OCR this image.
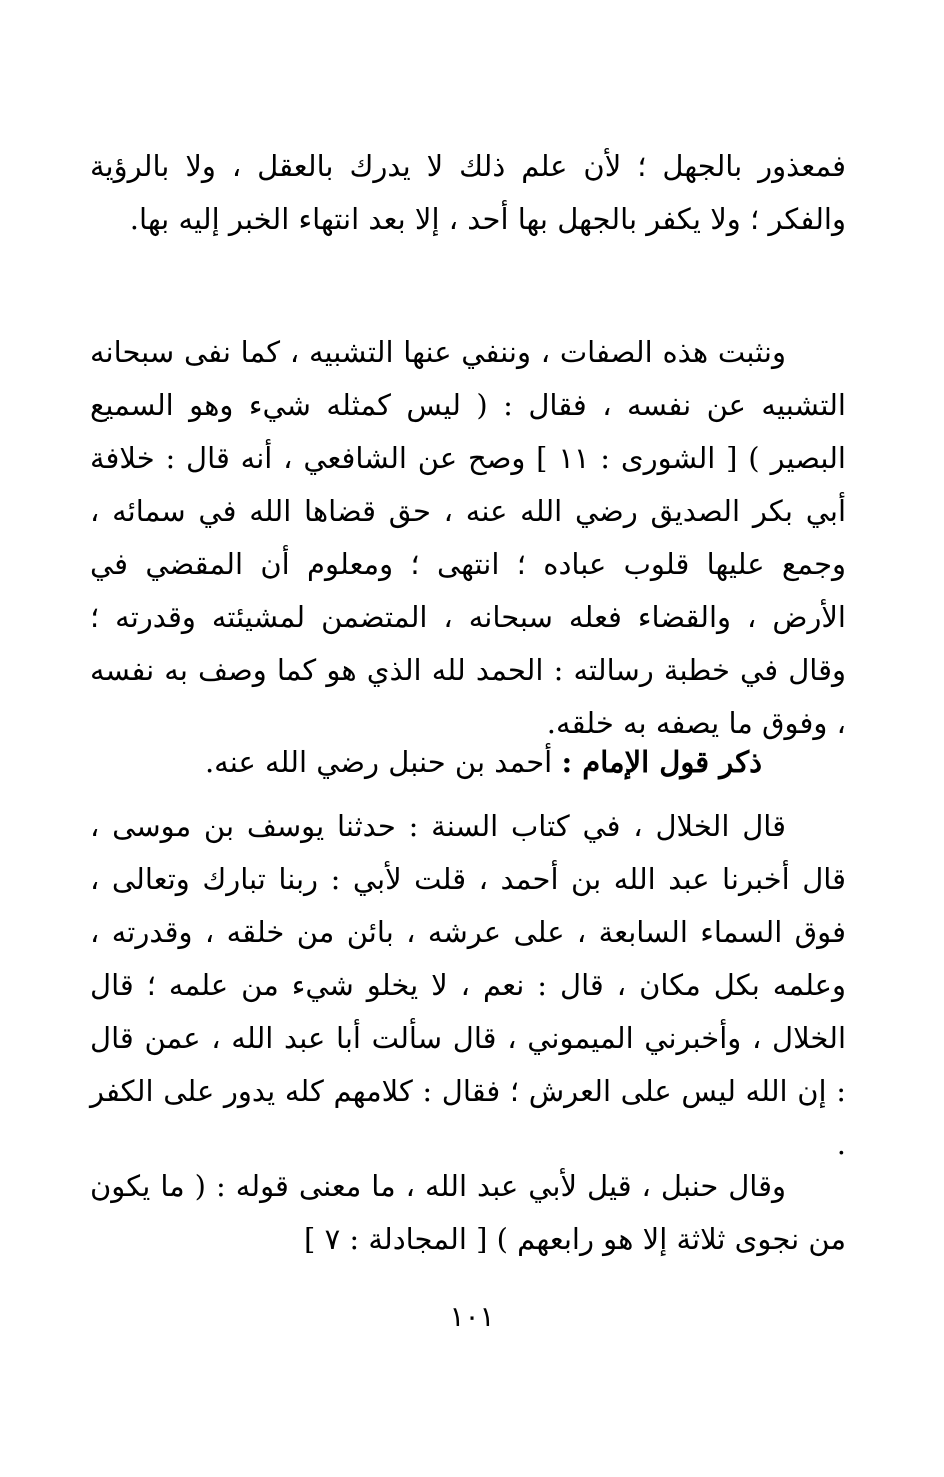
فمعذور بالجهل ؛ لأن علم ذلك لا يدرك بالعقل ، ولا بالرؤية والفكر ؛ ولا يكفر بالجهل بها أحد ، إلا بعد انتهاء الخبر إليه بها.

ونثبت هذه الصفات ، وننفي عنها التشبيه ، كما نفى سبحانه التشبيه عن نفسه ، فقال : ( ليس كمثله شيء وهو السميع البصير ) [ الشورى : ١١ ] وصح عن الشافعي ، أنه قال : خلافة أبي بكر الصديق رضي الله عنه ، حق قضاها الله في سمائه ، وجمع عليها قلوب عباده ؛ انتهى ؛ ومعلوم أن المقضي في الأرض ، والقضاء فعله سبحانه ، المتضمن لمشيئته وقدرته ؛ وقال في خطبة رسالته : الحمد لله الذي هو كما وصف به نفسه ، وفوق ما يصفه به خلقه.

ذكر قول الإمام : أحمد بن حنبل رضي الله عنه.

قال الخلال ، في كتاب السنة : حدثنا يوسف بن موسى ، قال أخبرنا عبد الله بن أحمد ، قلت لأبي : ربنا تبارك وتعالى ، فوق السماء السابعة ، على عرشه ، بائن من خلقه ، وقدرته ، وعلمه بكل مكان ، قال : نعم ، لا يخلو شيء من علمه ؛ قال الخلال ، وأخبرني الميموني ، قال سألت أبا عبد الله ، عمن قال : إن الله ليس على العرش ؛ فقال : كلامهم كله يدور على الكفر .

وقال حنبل ، قيل لأبي عبد الله ، ما معنى قوله : ( ما يكون من نجوى ثلاثة إلا هو رابعهم ) [ المجادلة : ٧ ]

١٠١
